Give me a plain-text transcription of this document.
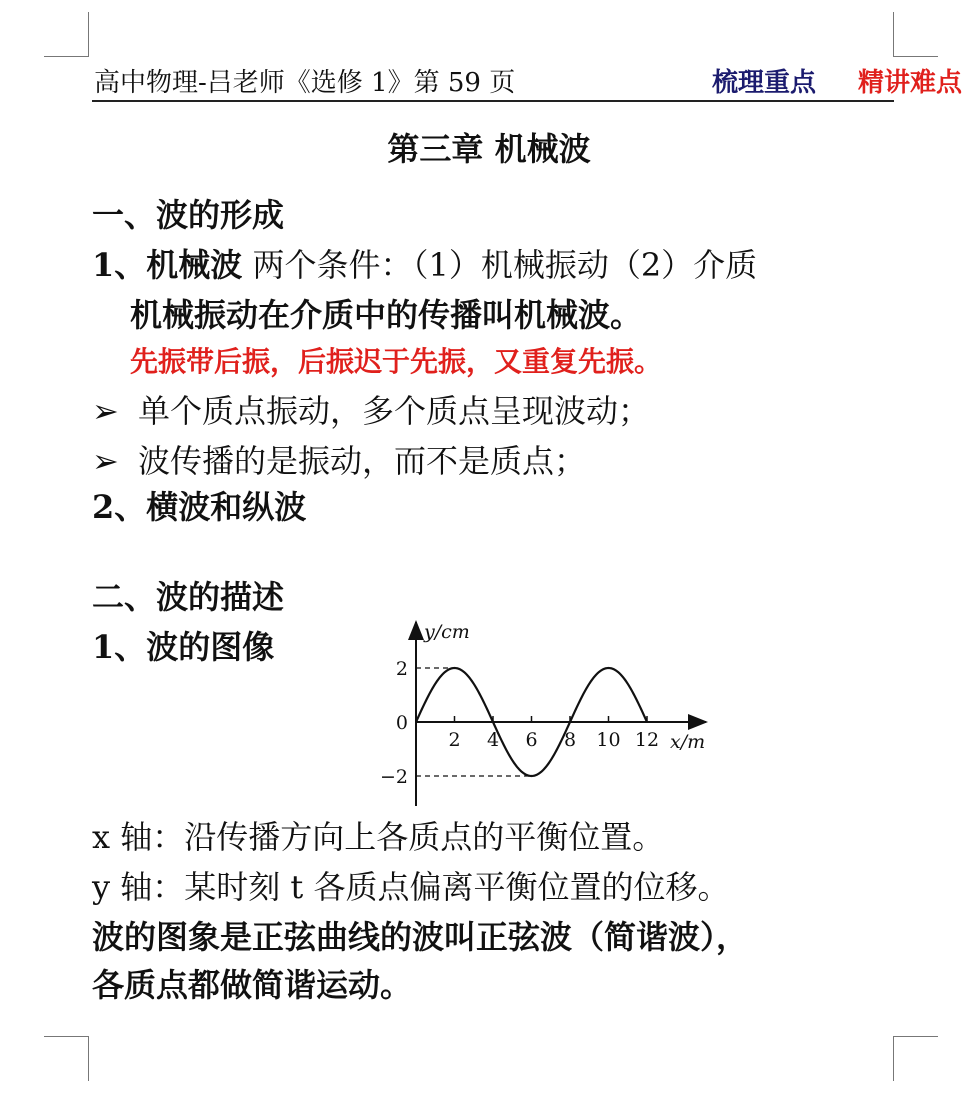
高中物理-吕老师《选修 1》第 59 页	梳理重点 精讲难点
第三章 机械波
一、波的形成
1、机械波 两个条件：（1）机械振动（2）介质
机械振动在介质中的传播叫机械波。
先振带后振，后振迟于先振，又重复先振。
➢ 单个质点振动，多个质点呈现波动；
➢ 波传播的是振动，而不是质点；
2、横波和纵波
二、波的描述
1、波的图像
2 4 6 8 10 12
2
0
−2
y/cm
x/m
x 轴：沿传播方向上各质点的平衡位置。
y 轴：某时刻 t 各质点偏离平衡位置的位移。
波的图象是正弦曲线的波叫正弦波（简谐波），
各质点都做简谐运动。
